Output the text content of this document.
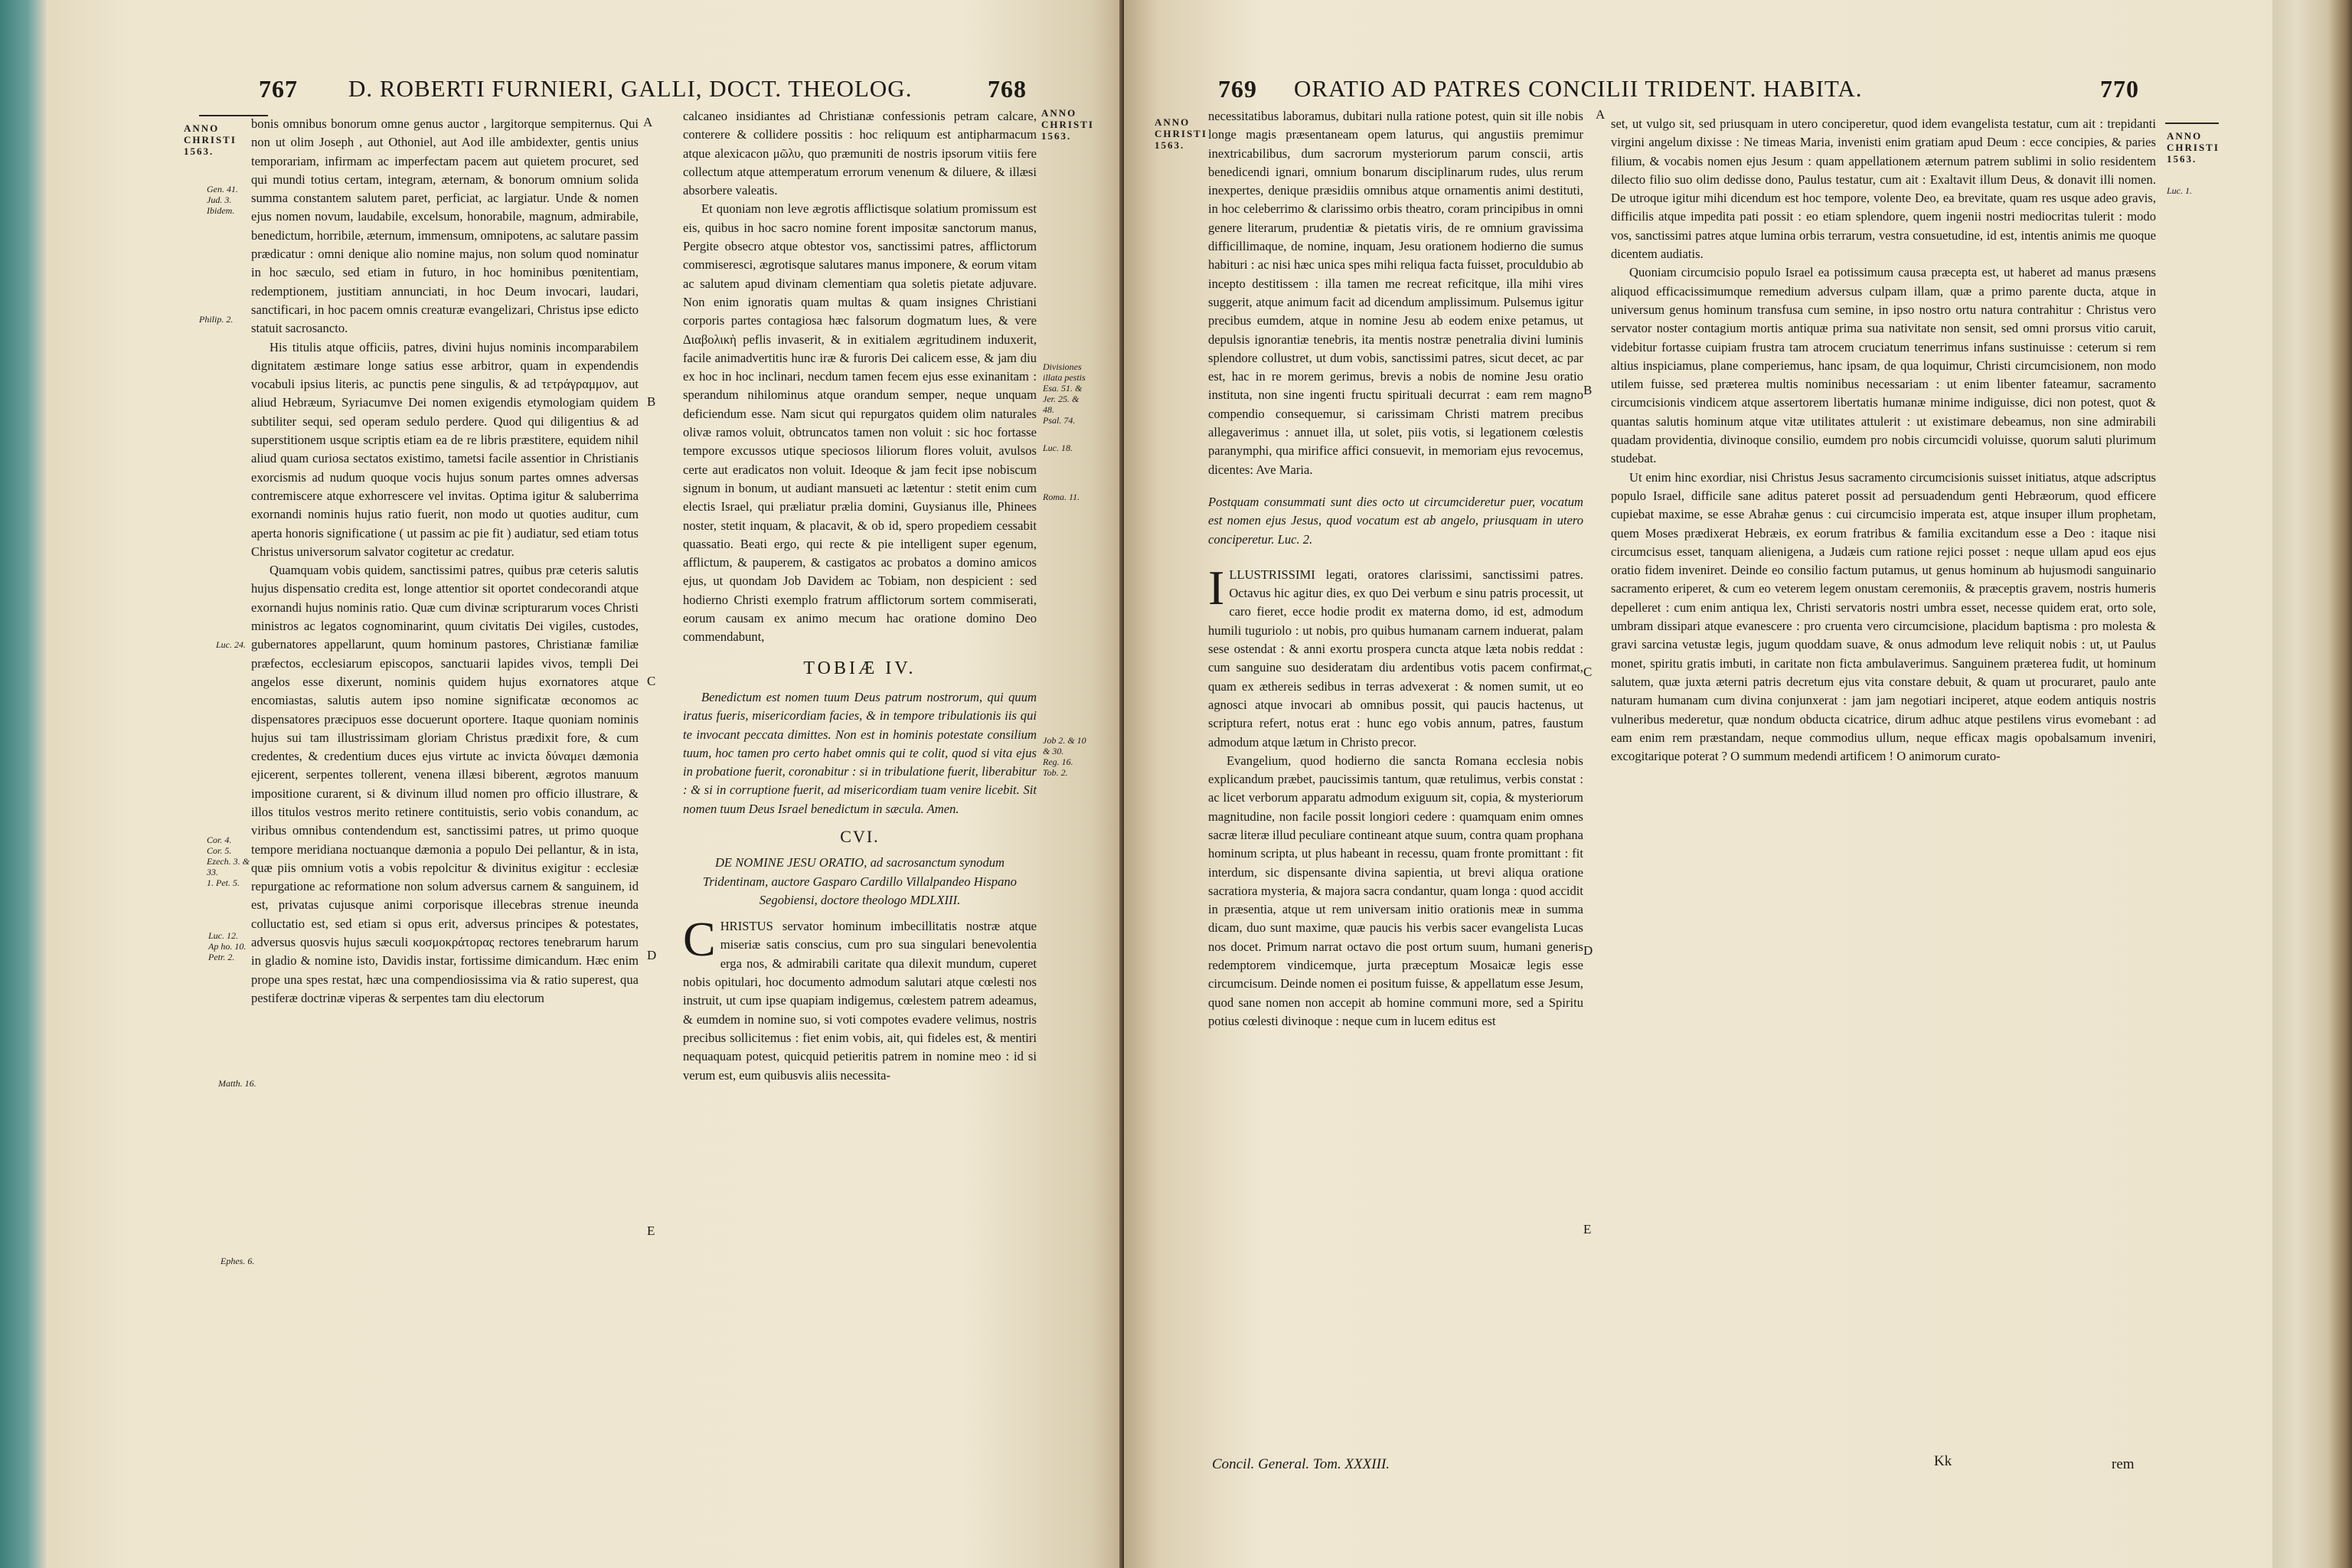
767 D. ROBERTI FURNIERI, GALLI, DOCT. THEOLOG.	768
ANNO
CHRISTI
1563.
ANNO
CHRISTI
1563.
Gen. 41.
Jud. 3.
Ibidem.
Philip. 2.
Luc. 24.
Cor. 4.
Cor. 5.
Ezech. 3. &
33.
1. Pet. 5.
Luc. 12.
Ap ho. 10.
Petr. 2.
Matth. 16.
Ephes. 6.
Divisiones
illata pestis
Esa. 51. &
Jer. 25. &
48.
Psal. 74.
Luc. 18.
Roma. 11.
Job 2. & 10
& 30.
Reg. 16.
Tob. 2.
A
B
C
D
E

bonis omnibus bonorum omne genus auctor , largitorque sempiternus. Qui non ut olim Joseph , aut Othoniel, aut Aod ille ambidexter, gentis unius temporariam, infirmam ac imperfectam pacem aut quietem procuret, sed qui mundi totius certam, integram, æternam, & bonorum omnium solida summa constantem salutem paret, perficiat, ac largiatur. Unde & nomen ejus nomen novum, laudabile, excelsum, honorabile, magnum, admirabile, benedictum, horribile, æternum, immensum, omnipotens, ac salutare passim prædicatur : omni denique alio nomine majus, non solum quod nominatur in hoc sæculo, sed etiam in futuro, in hoc hominibus pœnitentiam, redemptionem, justitiam annunciati, in hoc Deum invocari, laudari, sanctificari, in hoc pacem omnis creaturæ evangelizari, Christus ipse edicto statuit sacrosancto.

His titulis atque officiis, patres, divini hujus nominis incomparabilem dignitatem æstimare longe satius esse arbitror, quam in expendendis vocabuli ipsius literis, ac punctis pene singulis, & ad τετράγραμμον, aut aliud Hebræum, Syriacumve Dei nomen exigendis etymologiam quidem subtiliter sequi, sed operam sedulo perdere. Quod qui diligentius & ad superstitionem usque scriptis etiam ea de re libris præstitere, equidem nihil aliud quam curiosa sectatos existimo, tametsi facile assentior in Christianis exorcismis ad nudum quoque vocis hujus sonum partes omnes adversas contremiscere atque exhorrescere vel invitas. Optima igitur & saluberrima exornandi nominis hujus ratio fuerit, non modo ut quoties auditur, cum aperta honoris significatione ( ut passim ac pie fit ) audiatur, sed etiam totus Christus universorum salvator cogitetur ac credatur.

Quamquam vobis quidem, sanctissimi patres, quibus præ ceteris salutis hujus dispensatio credita est, longe attentior sit oportet condecorandi atque exornandi hujus nominis ratio. Quæ cum divinæ scripturarum voces Christi ministros ac legatos cognominarint, quum civitatis Dei vigiles, custodes, gubernatores appellarunt, quum hominum pastores, Christianæ familiæ præfectos, ecclesiarum episcopos, sanctuarii lapides vivos, templi Dei angelos esse dixerunt, nominis quidem hujus exornatores atque encomiastas, salutis autem ipso nomine significatæ œconomos ac dispensatores præcipuos esse docuerunt oportere. Itaque quoniam nominis hujus sui tam illustrissimam gloriam Christus prædixit fore, & cum credentes, & credentium duces ejus virtute ac invicta δύναμει dæmonia ejicerent, serpentes tollerent, venena illæsi biberent, ægrotos manuum impositione curarent, si & divinum illud nomen pro officio illustrare, & illos titulos vestros merito retinere contituistis, serio vobis conandum, ac viribus omnibus contendendum est, sanctissimi patres, ut primo quoque tempore meridiana noctuanque dæmonia a populo Dei pellantur, & in ista, quæ piis omnium votis a vobis repolcitur & divinitus exigitur : ecclesiæ repurgatione ac reformatione non solum adversus carnem & sanguinem, id est, privatas cujusque animi corporisque illecebras strenue ineunda colluctatio est, sed etiam si opus erit, adversus principes & potestates, adversus quosvis hujus sæculi κοσμοκράτορας rectores tenebrarum harum in gladio & nomine isto, Davidis instar, fortissime dimicandum. Hæc enim prope una spes restat, hæc una compendiosissima via & ratio superest, qua pestiferæ doctrinæ viperas & serpentes tam diu electorum

calcaneo insidiantes ad Christianæ confessionis petram calcare, conterere & collidere possitis : hoc reliquum est antipharmacum atque alexicacon μῶλυ, quo præmuniti de nostris ipsorum vitiis fere collectum atque attemperatum errorum venenum & diluere, & illæsi absorbere valeatis.

Et quoniam non leve ægrotis afflictisque solatium promissum est eis, quibus in hoc sacro nomine forent impositæ sanctorum manus, Pergite obsecro atque obtestor vos, sanctissimi patres, afflictorum commiseresci, ægrotisque salutares manus imponere, & eorum vitam ac salutem apud divinam clementiam qua soletis pietate adjuvare. Non enim ignoratis quam multas & quam insignes Christiani corporis partes contagiosa hæc falsorum dogmatum lues, & vere Διαβολικὴ peflis invaserit, & in exitialem ægritudinem induxerit, facile animadvertitis hunc iræ & furoris Dei calicem esse, & jam diu ex hoc in hoc inclinari, necdum tamen fecem ejus esse exinanitam : sperandum nihilominus atque orandum semper, neque unquam deficiendum esse. Nam sicut qui repurgatos quidem olim naturales olivæ ramos voluit, obtruncatos tamen non voluit : sic hoc fortasse tempore excussos utique speciosos liliorum flores voluit, avulsos certe aut eradicatos non voluit. Ideoque & jam fecit ipse nobiscum signum in bonum, ut audiant mansueti ac lætentur : stetit enim cum electis Israel, qui præliatur prælia domini, Guysianus ille, Phinees noster, stetit inquam, & placavit, & ob id, spero propediem cessabit quassatio. Beati ergo, qui recte & pie intelligent super egenum, afflictum, & pauperem, & castigatos ac probatos a domino amicos ejus, ut quondam Job Davidem ac Tobiam, non despicient : sed hodierno Christi exemplo fratrum afflictorum sortem commiserati, eorum causam ex animo mecum hac oratione domino Deo commendabunt,

TOBIÆ IV.

Benedictum est nomen tuum Deus patrum nostrorum, qui quum iratus fueris, misericordiam facies, & in tempore tribulationis iis qui te invocant peccata dimittes. Non est in hominis potestate consilium tuum, hoc tamen pro certo habet omnis qui te colit, quod si vita ejus in probatione fuerit, coronabitur : si in tribulatione fuerit, liberabitur : & si in corruptione fuerit, ad misericordiam tuam venire licebit. Sit nomen tuum Deus Israel benedictum in sæcula. Amen.

CVI.

DE NOMINE JESU ORATIO, ad sacrosanctum synodum Tridentinam, auctore Gasparo Cardillo Villalpandeo Hispano Segobiensi, doctore theologo MDLXIII.

CHRISTUS servator hominum imbecillitatis nostræ atque miseriæ satis conscius, cum pro sua singulari benevolentia erga nos, & admirabili caritate qua dilexit mundum, cuperet nobis opitulari, hoc documento admodum salutari atque cœlesti nos instruit, ut cum ipse quapiam indigemus, cœlestem patrem adeamus, & eumdem in nomine suo, si voti compotes evadere velimus, nostris precibus sollicitemus : fiet enim vobis, ait, qui fideles est, & mentiri nequaquam potest, quicquid petieritis patrem in nomine meo : id si verum est, eum quibusvis aliis necessita-

769 ORATIO AD PATRES CONCILII TRIDENT. HABITA.	770
ANNO
CHRISTI
1563.
ANNO
CHRISTI
1563.
Luc. 1.
A
B
C
D
E

necessitatibus laboramus, dubitari nulla ratione potest, quin sit ille nobis longe magis præsentaneam opem laturus, qui angustiis premimur inextricabilibus, dum sacrorum mysteriorum parum conscii, artis benedicendi ignari, omnium bonarum disciplinarum rudes, ulus rerum inexpertes, denique præsidiis omnibus atque ornamentis animi destituti, in hoc celeberrimo & clarissimo orbis theatro, coram principibus in omni genere literarum, prudentiæ & pietatis viris, de re omnium gravissima difficillimaque, de nomine, inquam, Jesu orationem hodierno die sumus habituri : ac nisi hæc unica spes mihi reliqua facta fuisset, proculdubio ab incepto destitissem : illa tamen me recreat reficitque, illa mihi vires suggerit, atque animum facit ad dicendum amplissimum. Pulsemus igitur precibus eumdem, atque in nomine Jesu ab eodem enixe petamus, ut depulsis ignorantiæ tenebris, ita mentis nostræ penetralia divini luminis splendore collustret, ut dum vobis, sanctissimi patres, sicut decet, ac par est, hac in re morem gerimus, brevis a nobis de nomine Jesu oratio instituta, non sine ingenti fructu spirituali decurrat : eam rem magno compendio consequemur, si carissimam Christi matrem precibus allegaverimus : annuet illa, ut solet, piis votis, si legationem cœlestis paranymphi, qua mirifice affici consuevit, in memoriam ejus revocemus, dicentes: Ave Maria.

Postquam consummati sunt dies octo ut circumcideretur puer, vocatum est nomen ejus Jesus, quod vocatum est ab angelo, priusquam in utero conciperetur. Luc. 2.

ILLUSTRISSIMI legati, oratores clarissimi, sanctissimi patres. Octavus hic agitur dies, ex quo Dei verbum e sinu patris processit, ut caro fieret, ecce hodie prodit ex materna domo, id est, admodum humili tuguriolo : ut nobis, pro quibus humanam carnem induerat, palam sese ostendat : & anni exortu prospera cuncta atque læta nobis reddat : cum sanguine suo desideratam diu ardentibus votis pacem confirmat, quam ex æthereis sedibus in terras advexerat : & nomen sumit, ut eo agnosci atque invocari ab omnibus possit, qui paucis hactenus, ut scriptura refert, notus erat : hunc ego vobis annum, patres, faustum admodum atque lætum in Christo precor.

Evangelium, quod hodierno die sancta Romana ecclesia nobis explicandum præbet, paucissimis tantum, quæ retulimus, verbis constat : ac licet verborum apparatu admodum exiguum sit, copia, & mysteriorum magnitudine, non facile possit longiori cedere : quamquam enim omnes sacræ literæ illud peculiare contineant atque suum, contra quam prophana hominum scripta, ut plus habeant in recessu, quam fronte promittant : fit interdum, sic dispensante divina sapientia, ut brevi aliqua oratione sacratiora mysteria, & majora sacra condantur, quam longa : quod accidit in præsentia, atque ut rem universam initio orationis meæ in summa dicam, duo sunt maxime, quæ paucis his verbis sacer evangelista Lucas nos docet. Primum narrat octavo die post ortum suum, humani generis redemptorem vindicemque, jurta præceptum Mosaicæ legis esse circumcisum. Deinde nomen ei positum fuisse, & appellatum esse Jesum, quod sane nomen non accepit ab homine communi more, sed a Spiritu potius cœlesti divinoque : neque cum in lucem editus est

set, ut vulgo sit, sed priusquam in utero conciperetur, quod idem evangelista testatur, cum ait : trepidanti virgini angelum dixisse : Ne timeas Maria, invenisti enim gratiam apud Deum : ecce concipies, & paries filium, & vocabis nomen ejus Jesum : quam appellationem æternum patrem sublimi in solio residentem dilecto filio suo olim dedisse dono, Paulus testatur, cum ait : Exaltavit illum Deus, & donavit illi nomen. De utroque igitur mihi dicendum est hoc tempore, volente Deo, ea brevitate, quam res usque adeo gravis, difficilis atque impedita pati possit : eo etiam splendore, quem ingenii nostri mediocritas tulerit : modo vos, sanctissimi patres atque lumina orbis terrarum, vestra consuetudine, id est, intentis animis me quoque dicentem audiatis.

Quoniam circumcisio populo Israel ea potissimum causa præcepta est, ut haberet ad manus præsens aliquod efficacissimumque remedium adversus culpam illam, quæ a primo parente ducta, atque in universum genus hominum transfusa cum semine, in ipso nostro ortu natura contrahitur : Christus vero servator noster contagium mortis antiquæ prima sua nativitate non sensit, sed omni prorsus vitio caruit, videbitur fortasse cuipiam frustra tam atrocem cruciatum tenerrimus infans sustinuisse : ceterum si rem altius inspiciamus, plane comperiemus, hanc ipsam, de qua loquimur, Christi circumcisionem, non modo utilem fuisse, sed præterea multis nominibus necessariam : ut enim libenter fateamur, sacramento circumcisionis vindicem atque assertorem libertatis humanæ minime indiguisse, dici non potest, quot & quantas salutis hominum atque vitæ utilitates attulerit : ut existimare debeamus, non sine admirabili quadam providentia, divinoque consilio, eumdem pro nobis circumcidi voluisse, quorum saluti plurimum studebat.

Ut enim hinc exordiar, nisi Christus Jesus sacramento circumcisionis suisset initiatus, atque adscriptus populo Israel, difficile sane aditus pateret possit ad persuadendum genti Hebræorum, quod efficere cupiebat maxime, se esse Abrahæ genus : cui circumcisio imperata est, atque insuper illum prophetam, quem Moses prædixerat Hebræis, ex eorum fratribus & familia excitandum esse a Deo : itaque nisi circumcisus esset, tanquam alienigena, a Judæis cum ratione rejici posset : neque ullam apud eos ejus oratio fidem inveniret. Deinde eo consilio factum putamus, ut genus hominum ab hujusmodi sanguinario sacramento eriperet, & cum eo veterem legem onustam ceremoniis, & præceptis gravem, nostris humeris depelleret : cum enim antiqua lex, Christi servatoris nostri umbra esset, necesse quidem erat, orto sole, umbram dissipari atque evanescere : pro cruenta vero circumcisione, placidum baptisma : pro molesta & gravi sarcina vetustæ legis, jugum quoddam suave, & onus admodum leve reliquit nobis : ut, ut Paulus monet, spiritu gratis imbuti, in caritate non ficta ambulaverimus. Sanguinem præterea fudit, ut hominum salutem, quæ juxta æterni patris decretum ejus vita constare debuit, & quam ut procuraret, paulo ante naturam humanam cum divina conjunxerat : jam jam negotiari inciperet, atque eodem antiquis nostris vulneribus mederetur, quæ nondum obducta cicatrice, dirum adhuc atque pestilens virus evomebant : ad eam enim rem præstandam, neque commodius ullum, neque efficax magis opobalsamum inveniri, excogitarique poterat ? O summum medendi artificem ! O animorum curato-

Concil. General. Tom. XXXIII.	Kk	rem
